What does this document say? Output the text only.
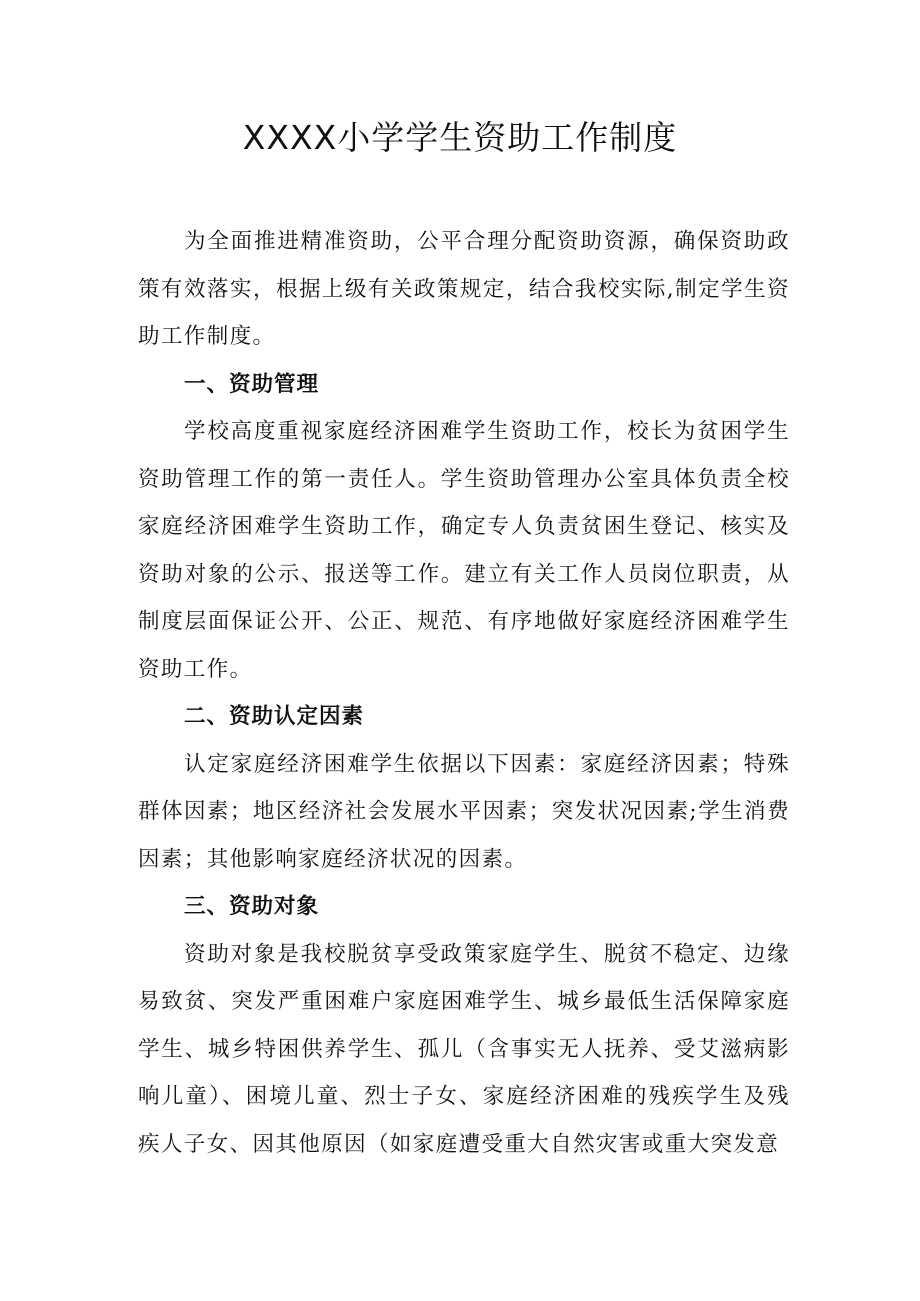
XXXX小学学生资助工作制度

为全面推进精准资助，公平合理分配资助资源，确保资助政策有效落实，根据上级有关政策规定，结合我校实际,制定学生资助工作制度。

一、资助管理

学校高度重视家庭经济困难学生资助工作，校长为贫困学生资助管理工作的第一责任人。学生资助管理办公室具体负责全校家庭经济困难学生资助工作，确定专人负责贫困生登记、核实及资助对象的公示、报送等工作。建立有关工作人员岗位职责，从制度层面保证公开、公正、规范、有序地做好家庭经济困难学生资助工作。

二、资助认定因素

认定家庭经济困难学生依据以下因素：家庭经济因素；特殊群体因素；地区经济社会发展水平因素；突发状况因素;学生消费因素；其他影响家庭经济状况的因素。

三、资助对象

资助对象是我校脱贫享受政策家庭学生、脱贫不稳定、边缘易致贫、突发严重困难户家庭困难学生、城乡最低生活保障家庭学生、城乡特困供养学生、孤儿（含事实无人抚养、受艾滋病影响儿童）、困境儿童、烈士子女、家庭经济困难的残疾学生及残疾人子女、因其他原因（如家庭遭受重大自然灾害或重大突发意
